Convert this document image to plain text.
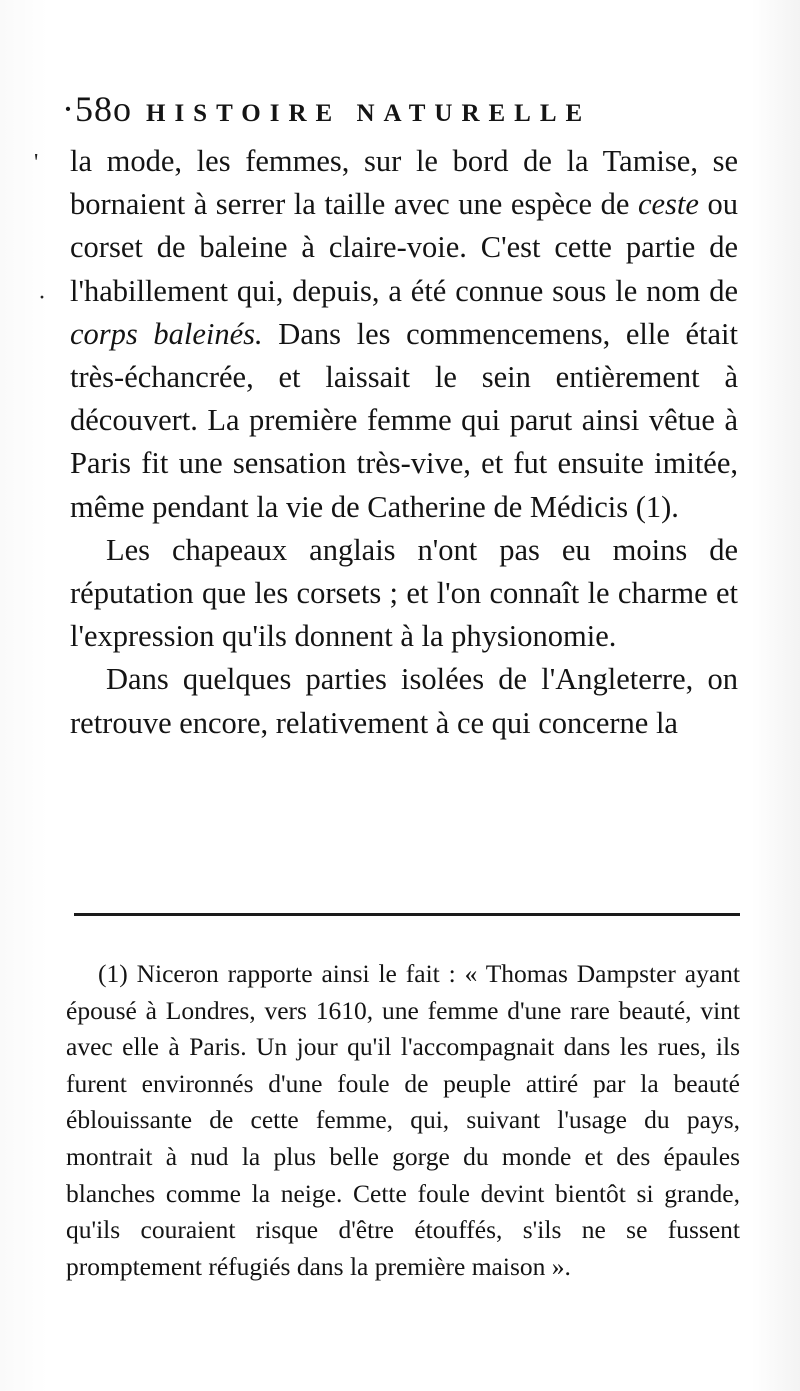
·58o HISTOIRE NATURELLE
'
·

la mode, les femmes, sur le bord de la Tamise, se bornaient à serrer la taille avec une espèce de ceste ou corset de baleine à claire-voie. C'est cette partie de l'habillement qui, depuis, a été connue sous le nom de corps baleinés. Dans les commencemens, elle était très-échancrée, et laissait le sein entièrement à découvert. La première femme qui parut ainsi vêtue à Paris fit une sensation très-vive, et fut ensuite imitée, même pendant la vie de Catherine de Médicis (1).

Les chapeaux anglais n'ont pas eu moins de réputation que les corsets ; et l'on connaît le charme et l'expression qu'ils donnent à la physionomie.

Dans quelques parties isolées de l'Angleterre, on retrouve encore, relativement à ce qui concerne la

(1) Niceron rapporte ainsi le fait : « Thomas Dampster ayant épousé à Londres, vers 1610, une femme d'une rare beauté, vint avec elle à Paris. Un jour qu'il l'accompagnait dans les rues, ils furent environnés d'une foule de peuple attiré par la beauté éblouissante de cette femme, qui, suivant l'usage du pays, montrait à nud la plus belle gorge du monde et des épaules blanches comme la neige. Cette foule devint bientôt si grande, qu'ils couraient risque d'être étouffés, s'ils ne se fussent promptement réfugiés dans la première maison ».
